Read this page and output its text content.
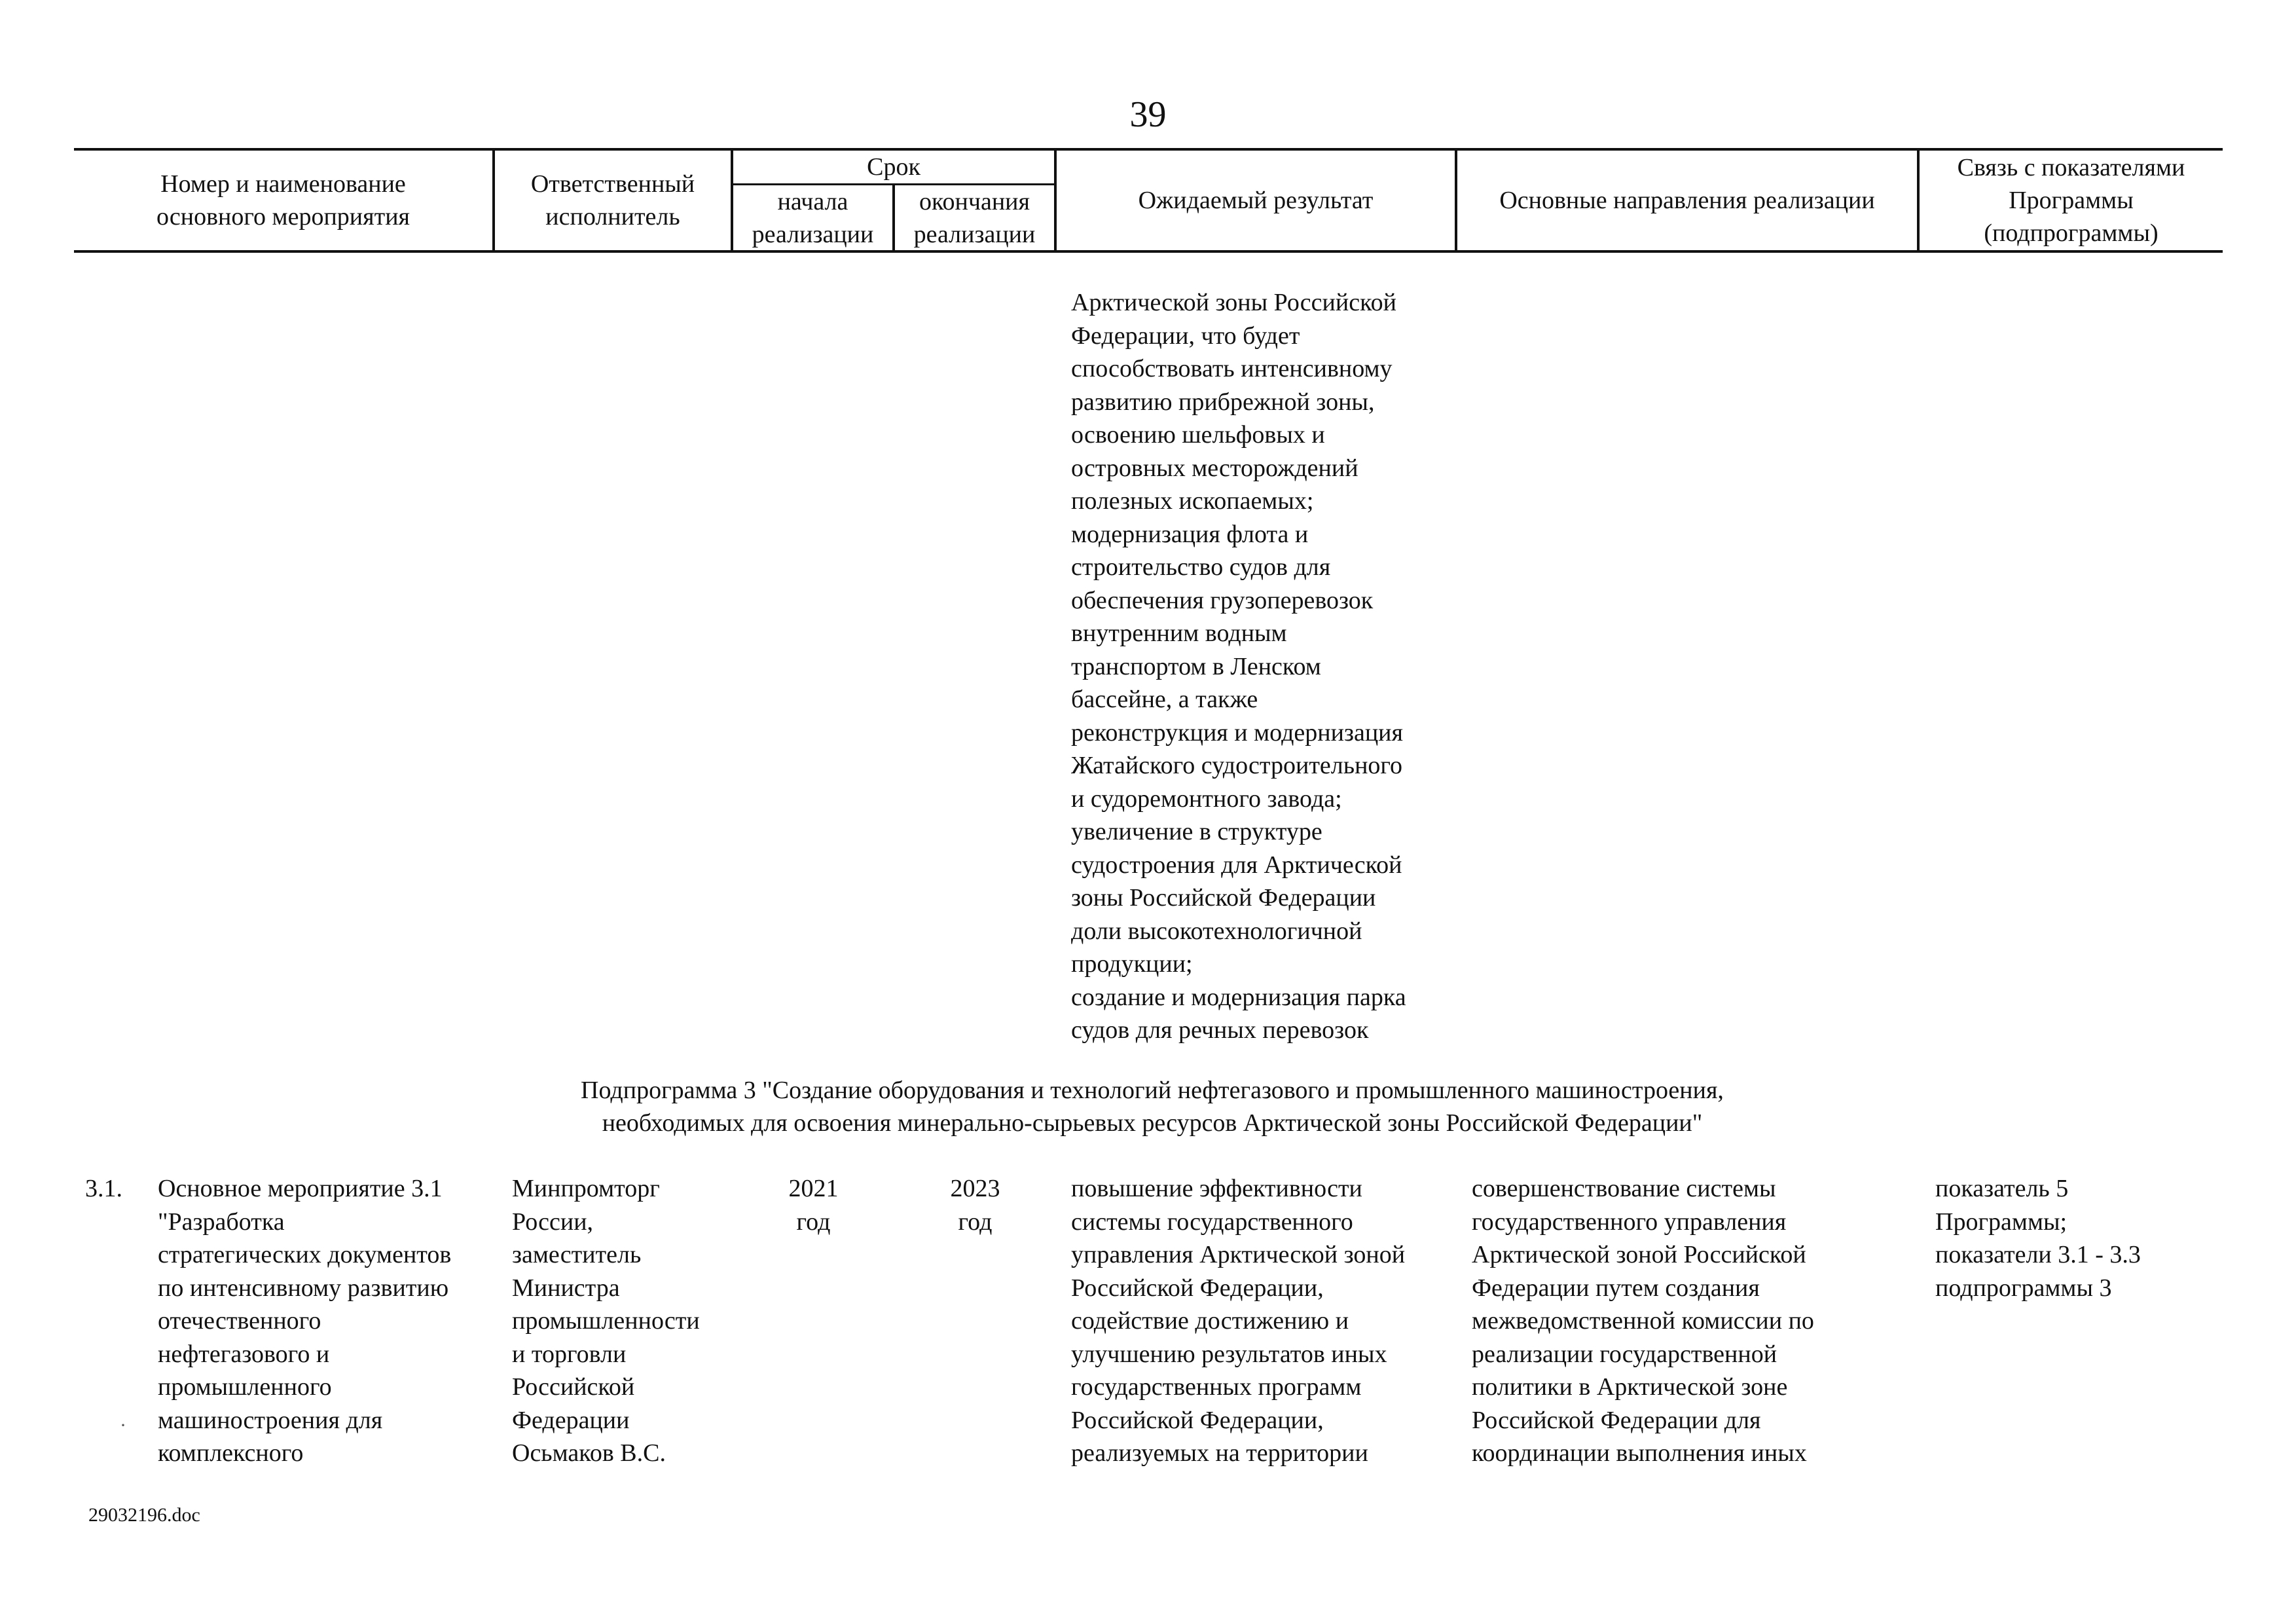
39
Номер и наименование
основного мероприятия
Ответственный
исполнитель
Срок
начала
реализации
окончания
реализации
Ожидаемый результат	Основные направления реализации
Связь с показателями
Программы
(подпрограммы)
Арктической зоны Российской
Федерации, что будет
способствовать интенсивному
развитию прибрежной зоны,
освоению шельфовых и
островных месторождений
полезных ископаемых;
модернизация флота и
строительство судов для
обеспечения грузоперевозок
внутренним водным
транспортом в Ленском
бассейне, а также
реконструкция и модернизация
Жатайского судостроительного
и судоремонтного завода;
увеличение в структуре
судостроения для Арктической
зоны Российской Федерации
доли высокотехнологичной
продукции;
создание и модернизация парка
судов для речных перевозок
Подпрограмма 3 "Создание оборудования и технологий нефтегазового и промышленного машиностроения,
необходимых для освоения минерально-сырьевых ресурсов Арктической зоны Российской Федерации"
3.1. Основное мероприятие 3.1
"Разработка
стратегических документов
по интенсивному развитию
отечественного
нефтегазового и
промышленного
машиностроения для
комплексного
Минпромторг
России,
заместитель
Министра
промышленности
и торговли
Российской
Федерации
Осьмаков В.С.
2021
год
2023
год
повышение эффективности
системы государственного
управления Арктической зоной
Российской Федерации,
содействие достижению и
улучшению результатов иных
государственных программ
Российской Федерации,
реализуемых на территории
совершенствование системы
государственного управления
Арктической зоной Российской
Федерации путем создания
межведомственной комиссии по
реализации государственной
политики в Арктической зоне
Российской Федерации для
координации выполнения иных
показатель 5
Программы;
показатели 3.1 - 3.3
подпрограммы 3
·
29032196.doc
